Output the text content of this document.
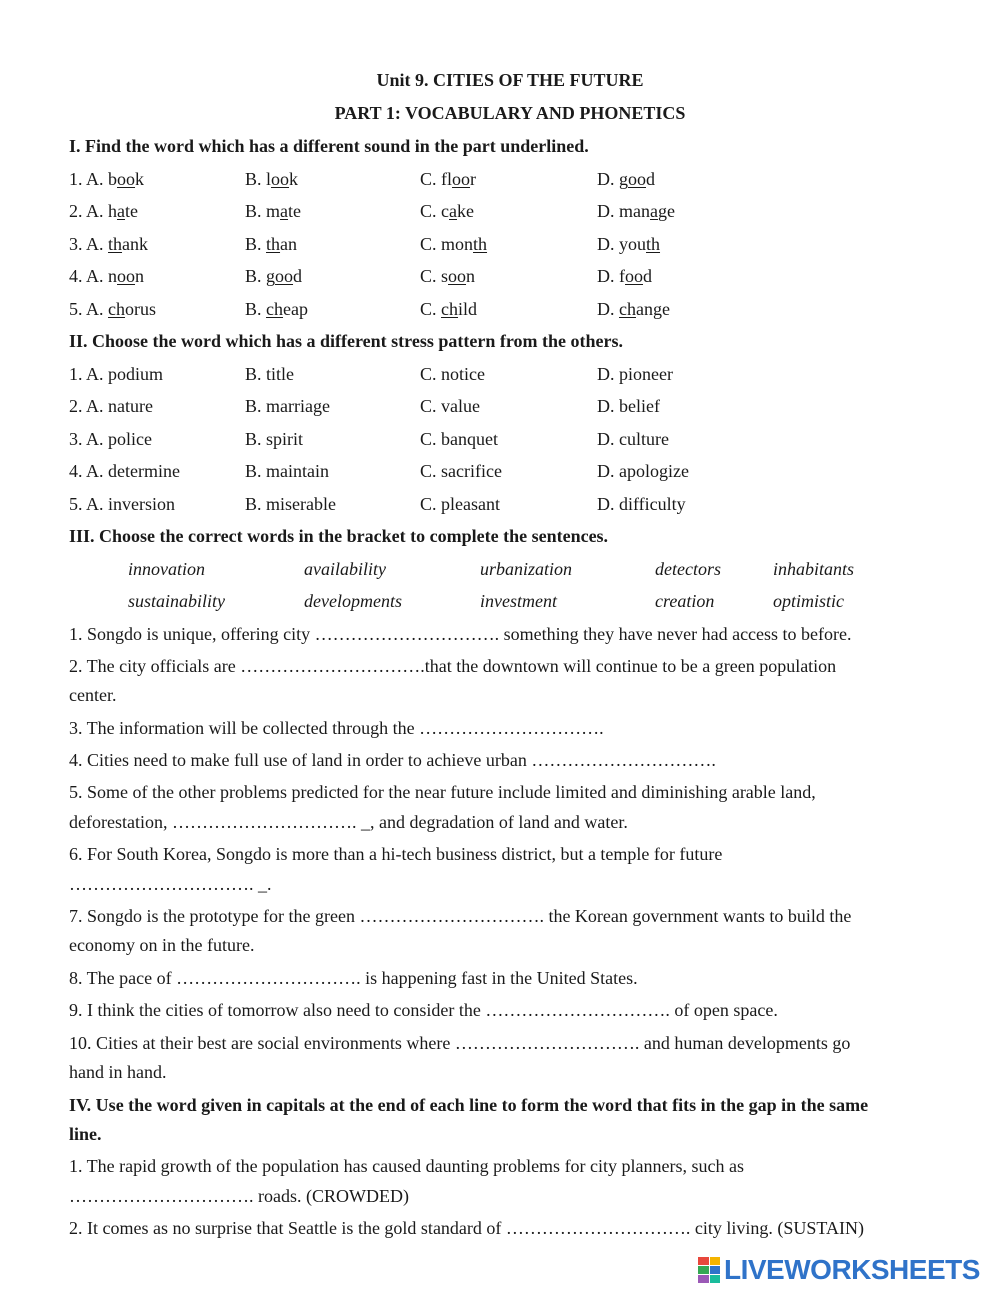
Unit 9. CITIES OF THE FUTURE
PART 1: VOCABULARY AND PHONETICS
I. Find the word which has a different sound in the part underlined.
1. A. book	B. look	C. floor	D. good
2. A. hate	B. mate	C. cake	D. manage
3. A. thank	B. than	C. month	D. youth
4. A. noon	B. good	C. soon	D. food
5. A. chorus	B. cheap	C. child	D. change
II. Choose the word which has a different stress pattern from the others.
1. A. podium	B. title	C. notice	D. pioneer
2. A. nature	B. marriage	C. value	D. belief
3. A. police	B. spirit	C. banquet	D. culture
4. A. determine	B. maintain	C. sacrifice	D. apologize
5. A. inversion	B. miserable	C. pleasant	D. difficulty
III. Choose the correct words in the bracket to complete the sentences.
innovation	availability	urbanization	detectors	inhabitants
sustainability	developments	investment	creation	optimistic
1. Songdo is unique, offering city …………………………. something they have never had access to before.
2. The city officials are ………………………….that the downtown will continue to be a green population
center.
3. The information will be collected through the ………………………….
4. Cities need to make full use of land in order to achieve urban ………………………….
5. Some of the other problems predicted for the near future include limited and diminishing arable land,
deforestation, …………………………. _, and degradation of land and water.
6. For South Korea, Songdo is more than a hi-tech business district, but a temple for future
…………………………. _.
7. Songdo is the prototype for the green …………………………. the Korean government wants to build the
economy on in the future.
8. The pace of …………………………. is happening fast in the United States.
9. I think the cities of tomorrow also need to consider the …………………………. of open space.
10. Cities at their best are social environments where …………………………. and human developments go
hand in hand.
IV. Use the word given in capitals at the end of each line to form the word that fits in the gap in the same
line.
1. The rapid growth of the population has caused daunting problems for city planners, such as
…………………………. roads. (CROWDED)
2. It comes as no surprise that Seattle is the gold standard of …………………………. city living. (SUSTAIN)
LIVEWORKSHEETS
